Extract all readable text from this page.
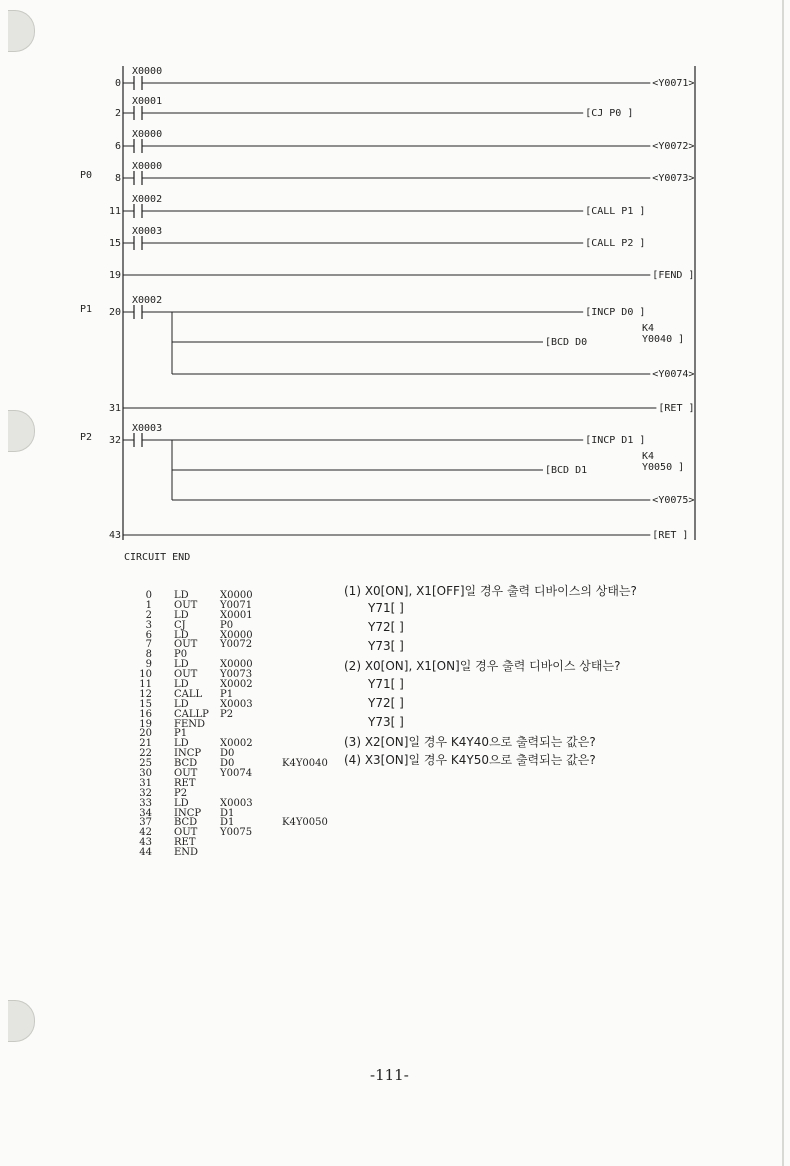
0
X0000
<Y0071>
2
X0001
[CJ P0 ]
6
X0000
<Y0072>
8
P0
X0000
<Y0073>
11
X0002
[CALL P1 ]
15
X0003
[CALL P2 ]
19	[FEND ]
20
P1
X0002
[INCP D0 ]
[BCD D0
<Y0074>
31	[RET ]
32
P2
X0003
[INCP D1 ]
[BCD D1
<Y0075>
43	[RET ]
K4
Y0040 ]
K4
Y0050 ]
CIRCUIT END
0 LD	X0000
1 OUT Y0071
2 LD	X0001
3 CJ	P0
6 LD	X0000
7 OUT Y0072
8 P0
9 LD	X0000
10 OUT Y0073
11 LD	X0002
12 CALL P1
15 LD	X0003
16 CALLP P2
19 FEND
20 P1
21 LD	X0002
22 INCP D0
25 BCD D0	K4Y0040
30 OUT Y0074
31 RET
32 P2
33 LD	X0003
34 INCP D1
37 BCD D1	K4Y0050
42 OUT Y0075
43 RET
44 END
(1) X0[ON], X1[OFF]일 경우 출력 디바이스의 상태는?
Y71[ ]
Y72[ ]
Y73[ ]
(2) X0[ON], X1[ON]일 경우 출력 디바이스 상태는?
Y71[ ]
Y72[ ]
Y73[ ]
(3) X2[ON]일 경우 K4Y40으로 출력되는 값은?
(4) X3[ON]일 경우 K4Y50으로 출력되는 값은?
-111-
